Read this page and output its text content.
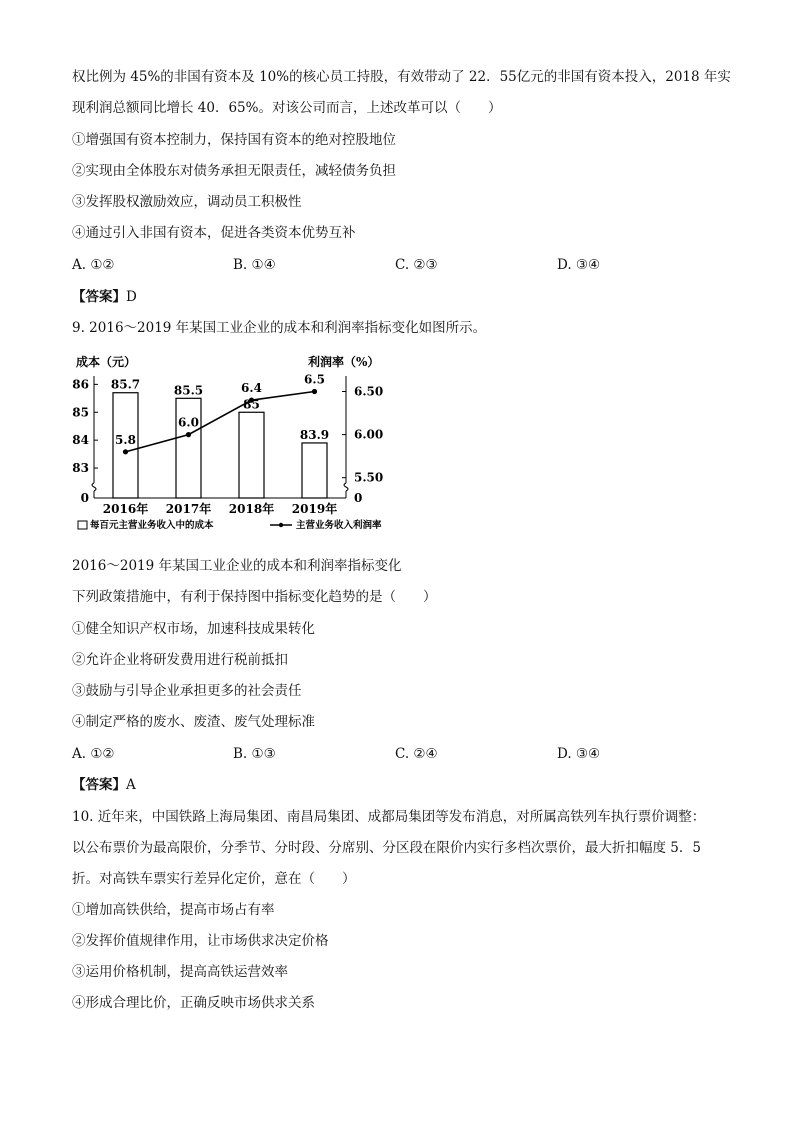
权比例为 45%的非国有资本及 10%的核心员工持股，有效带动了 22．55亿元的非国有资本投入，2018 年实
现利润总额同比增长 40．65%。对该公司而言，上述改革可以（　　）
①增强国有资本控制力，保持国有资本的绝对控股地位
②实现由全体股东对债务承担无限责任，减轻债务负担
③发挥股权激励效应，调动员工积极性
④通过引入非国有资本，促进各类资本优势互补
A. ①②	B. ①④	C. ②③	D. ③④
【答案】D
9. 2016～2019 年某国工业企业的成本和利润率指标变化如图所示。
成本（元）	利润率（%）
86
85
84
83
0
6.50
6.00
5.50
0
85.7
2016年
85.5
2017年
85
2018年
83.9
2019年
5.8
6.0
6.4
6.5
每百元主营业务收入中的成本	主营业务收入利润率
2016～2019 年某国工业企业的成本和利润率指标变化
下列政策措施中，有利于保持图中指标变化趋势的是（　　）
①健全知识产权市场，加速科技成果转化
②允许企业将研发费用进行税前抵扣
③鼓励与引导企业承担更多的社会责任
④制定严格的废水、废渣、废气处理标准
A. ①②	B. ①③	C. ②④	D. ③④
【答案】A
10. 近年来，中国铁路上海局集团、南昌局集团、成都局集团等发布消息，对所属高铁列车执行票价调整：
以公布票价为最高限价，分季节、分时段、分席别、分区段在限价内实行多档次票价，最大折扣幅度 5．5
折。对高铁车票实行差异化定价，意在（　　）
①增加高铁供给，提高市场占有率
②发挥价值规律作用，让市场供求决定价格
③运用价格机制，提高高铁运营效率
④形成合理比价，正确反映市场供求关系
